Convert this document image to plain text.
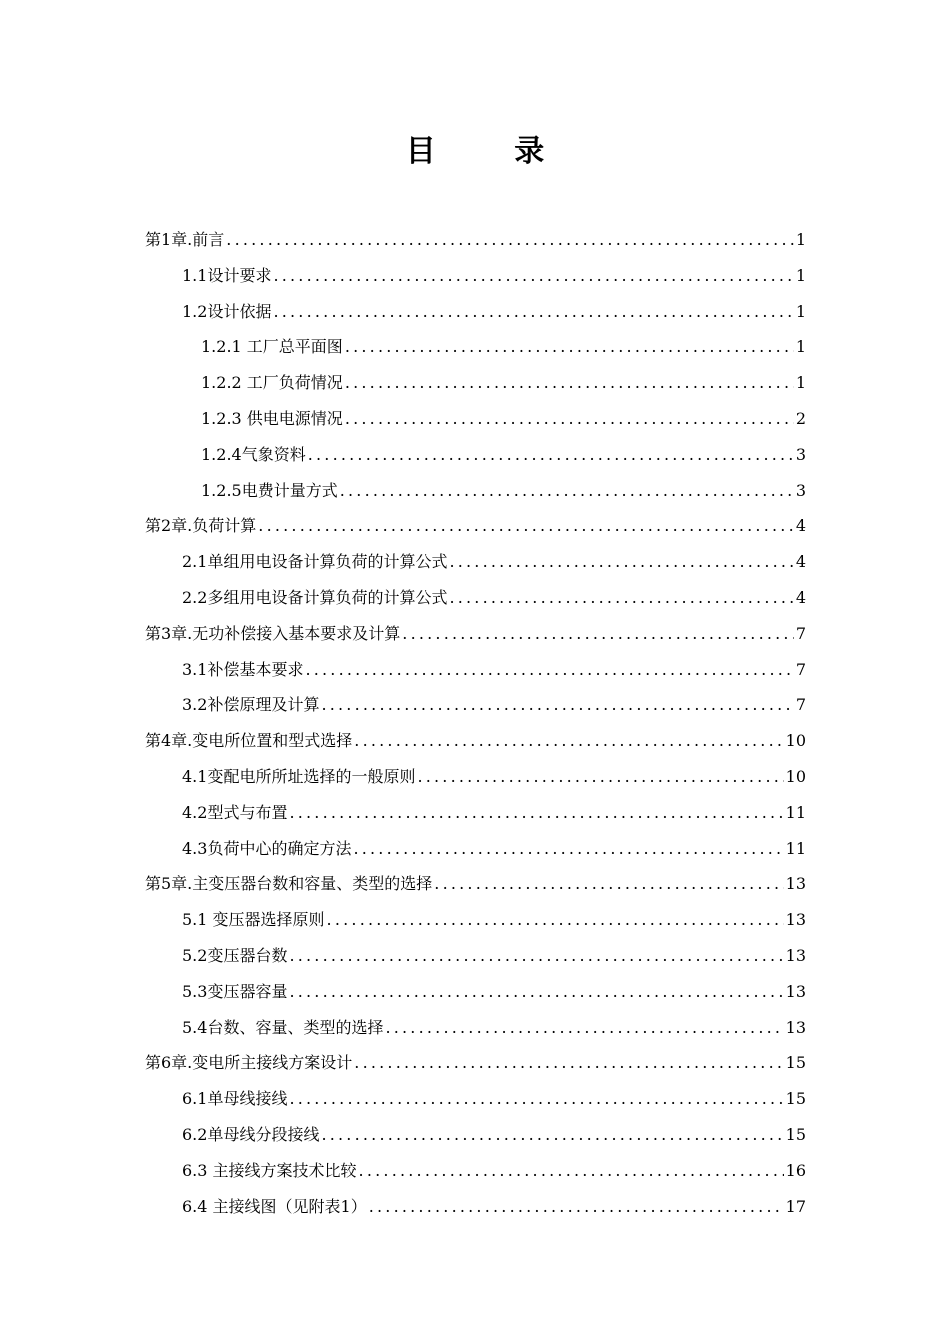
目 录
第1章.前言 .....	1
1.1设计要求 .....	1
1.2设计依据 .....	1
1.2.1 工厂总平面图 .....	1
1.2.2 工厂负荷情况 .....	1
1.2.3 供电电源情况 .....	2
1.2.4气象资料 .....	3
1.2.5电费计量方式 .....	3
第2章.负荷计算 .....	4
2.1单组用电设备计算负荷的计算公式 .....	4
2.2多组用电设备计算负荷的计算公式 .....	4
第3章.无功补偿接入基本要求及计算 .....	7
3.1补偿基本要求 .....	7
3.2补偿原理及计算 .....	7
第4章.变电所位置和型式选择 .....	10
4.1变配电所所址选择的一般原则 .....	10
4.2型式与布置 .....	11
4.3负荷中心的确定方法 .....	11
第5章.主变压器台数和容量、类型的选择 .....	13
5.1 变压器选择原则 .....	13
5.2变压器台数 .....	13
5.3变压器容量 .....	13
5.4台数、容量、类型的选择 .....	13
第6章.变电所主接线方案设计 .....	15
6.1单母线接线 .....	15
6.2单母线分段接线 .....	15
6.3 主接线方案技术比较 .....	16
6.4 主接线图（见附表1） .....	17
